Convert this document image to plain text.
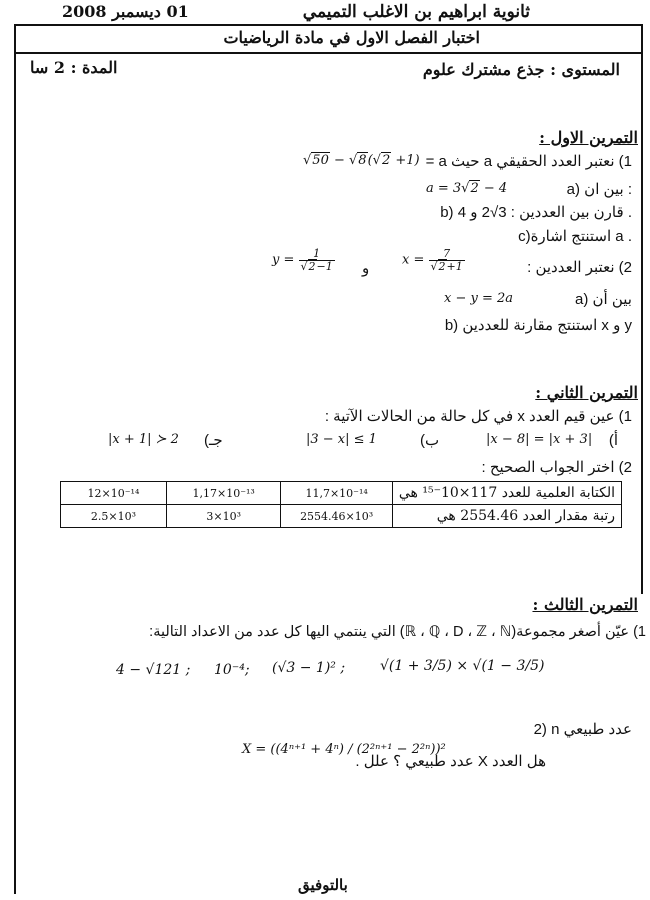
ثانوية ابراهيم بن الاغلب التميمي
01 ديسمبر 2008
اختبار الفصل الاول في مادة الرياضيات
المستوى : جذع مشترك علوم
المدة : 2 سا
التمرين الاول :
1) نعتبر العدد الحقيقي a حيث a =
√50 − √8(√2 +1)
a) بين ان :
a = 3√2 − 4
b) قارن بين العددين : 3√2 و 4 .
c)استنتج اشارة a .
2) نعتبر العددين :
$x = \frac{7}{√2+1}$
و
$y = \frac{1}{√2-1}$
a) بين أن
x − y = 2a
b) استنتج مقارنة للعددين x و y
التمرين الثاني :
1) عين قيم العدد x في كل حالة من الحالات الآتية :
أ)
|x − 8| = |x + 3|
ب)
|3 − x| ≤ 1
جـ)
|x + 1| ≻ 2
2) اختر الجواب الصحيح :
12×10⁻¹⁴	1,17×10⁻¹³	11,7×10⁻¹⁴	الكتابة العلمية للعدد 117×10⁻¹⁵ هي
2.5×10³	3×10³	2554.46×10³	رتبة مقدار العدد 2554.46 هي
التمرين الثالث :
1) عيّن أصغر مجموعة(ℝ ، ℚ ، D ، ℤ ، ℕ) التي ينتمي اليها كل عدد من الاعداد التالية:
4 − √121 ; 10⁻⁴; (√3 − 1)² ; √(1 + 3/5) × √(1 − 3/5)
2) n عدد طبيعي
هل العدد X عدد طبيعي ؟ علل .
X = ((4ⁿ⁺¹ + 4ⁿ) / (2²ⁿ⁺¹ − 2²ⁿ))²
بالتوفيق
